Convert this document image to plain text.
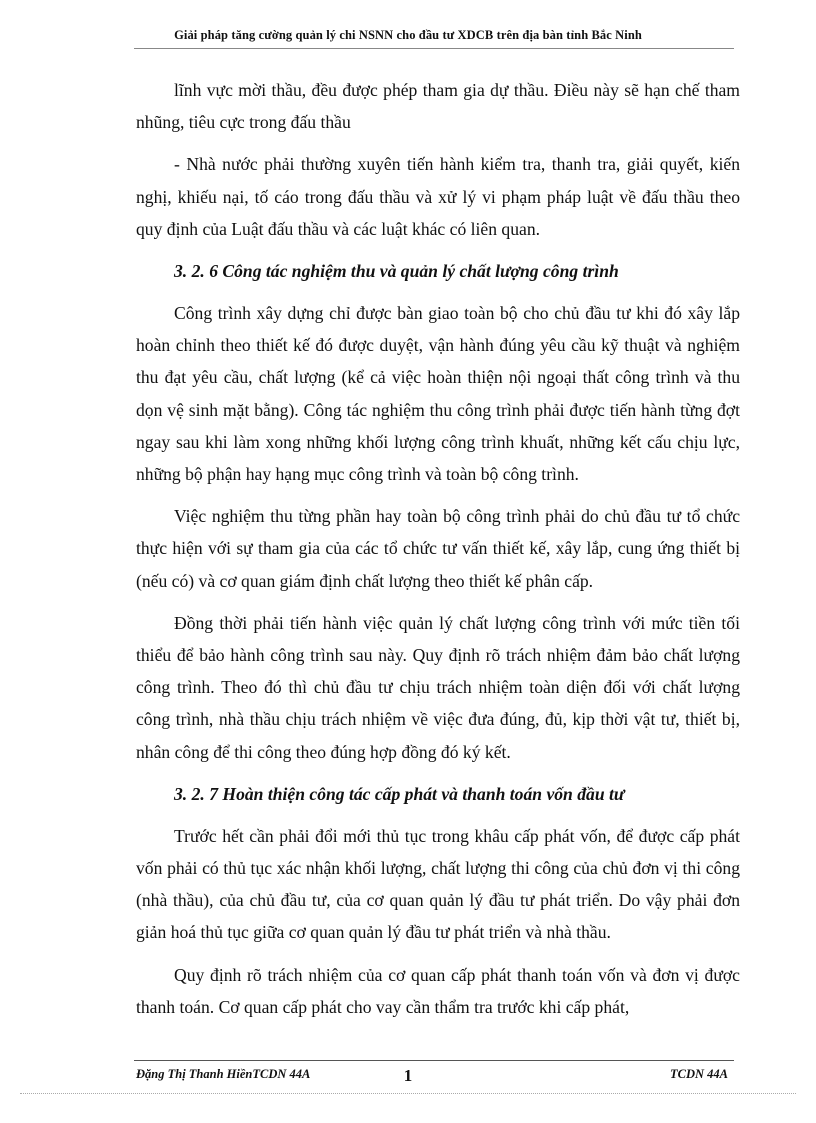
Giải pháp tăng cường quản lý chi NSNN cho đầu tư XDCB trên địa bàn tỉnh Bắc Ninh

lĩnh vực mời thầu, đều được phép tham gia dự thầu. Điều này sẽ hạn chế tham nhũng, tiêu cực trong đấu thầu

- Nhà nước phải thường xuyên tiến hành kiểm tra, thanh tra, giải quyết, kiến nghị, khiếu nại, tố cáo trong đấu thầu và xử lý vi phạm pháp luật về đấu thầu theo quy định của Luật đấu thầu và các luật khác có liên quan.

3. 2. 6 Công tác nghiệm thu và quản lý chất lượng công trình

Công trình xây dựng chỉ được bàn giao toàn bộ cho chủ đầu tư khi đó xây lắp hoàn chỉnh theo thiết kế đó được duyệt, vận hành đúng yêu cầu kỹ thuật và nghiệm thu đạt yêu cầu, chất lượng (kể cả việc hoàn thiện nội ngoại thất công trình và thu dọn vệ sinh mặt bằng). Công tác nghiệm thu công trình phải được tiến hành từng đợt ngay sau khi làm xong những khối lượng công trình khuất, những kết cấu chịu lực, những bộ phận hay hạng mục công trình và toàn bộ công trình.

Việc nghiệm thu từng phần hay toàn bộ công trình phải do chủ đầu tư tổ chức thực hiện với sự tham gia của các tổ chức tư vấn thiết kế, xây lắp, cung ứng thiết bị (nếu có) và cơ quan giám định chất lượng theo thiết kế phân cấp.

Đồng thời phải tiến hành việc quản lý chất lượng công trình với mức tiền tối thiểu để bảo hành công trình sau này. Quy định rõ trách nhiệm đảm bảo chất lượng công trình. Theo đó thì chủ đầu tư chịu trách nhiệm toàn diện đối với chất lượng công trình, nhà thầu chịu trách nhiệm về việc đưa đúng, đủ, kịp thời vật tư, thiết bị, nhân công để thi công theo đúng hợp đồng đó ký kết.

3. 2. 7 Hoàn thiện công tác cấp phát và thanh toán vốn đầu tư

Trước hết cần phải đổi mới thủ tục trong khâu cấp phát vốn, để được cấp phát vốn phải có thủ tục xác nhận khối lượng, chất lượng thi công của chủ đơn vị thi công (nhà thầu), của chủ đầu tư, của cơ quan quản lý đầu tư phát triển. Do vậy phải đơn giản hoá thủ tục giữa cơ quan quản lý đầu tư phát triển và nhà thầu.

Quy định rõ trách nhiệm của cơ quan cấp phát thanh toán vốn và đơn vị được thanh toán. Cơ quan cấp phát cho vay cần thẩm tra trước khi cấp phát,

Đặng Thị Thanh HiềnTCDN 44A	1	TCDN 44A
